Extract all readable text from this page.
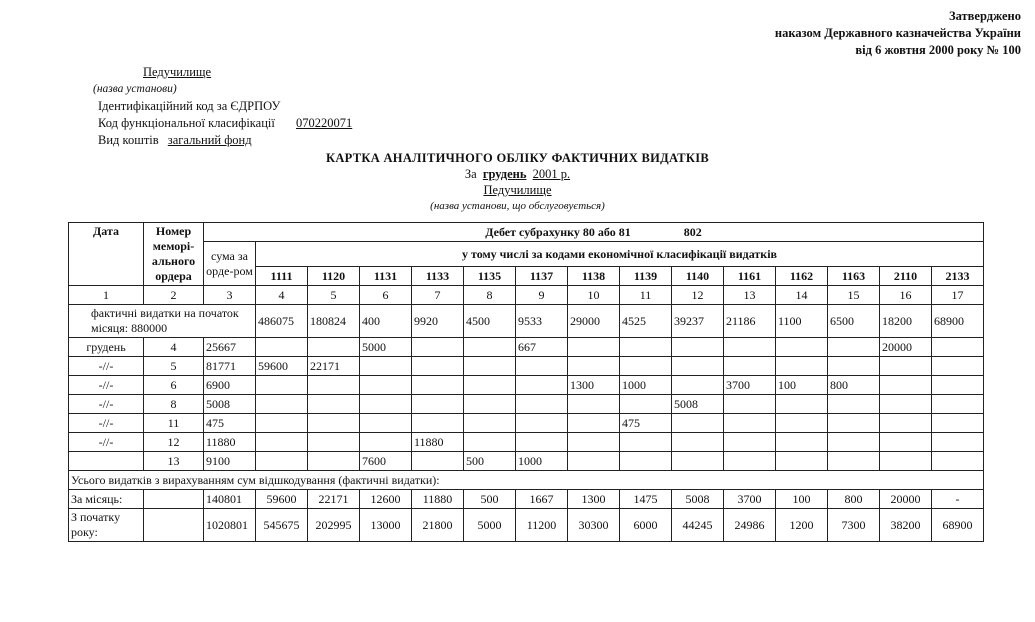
Затверджено
наказом Державного казначейства України
від 6 жовтня 2000 року № 100
Педучилище
(назва установи)
Ідентифікаційний код за ЄДРПОУ
Код функціональної класифікації 070220071
Вид коштів загальний фонд
КАРТКА АНАЛІТИЧНОГО ОБЛІКУ ФАКТИЧНИХ ВИДАТКІВ
За грудень 2001 р.
Педучилище
(назва установи, що обслуговується)
Дата	Номер меморі-ального ордера	Дебет субрахунку 80 або 81 802														
		сума за орде-ром	у тому числі за кодами економічної класифікації видатків													
			1111	1120	1131	1133	1135	1137	1138	1139	1140	1161	1162	1163	2110	2133
1	2	3	4	5	6	7	8	9	10	11	12	13	14	15	16	17
фактичні видатки на початок місяця: 880000			486075	180824	400	9920	4500	9533	29000	4525	39237	21186	1100	6500	18200	68900
грудень	4	25667			5000			667							20000	
-//-	5	81771	59600	22171												
-//-	6	6900							1300	1000		3700	100	800		
-//-	8	5008									5008					
-//-	11	475								475						
-//-	12	11880				11880										
	13	9100			7600		500	1000								
Усього видатків з вирахуванням сум відшкодування (фактичні видатки):																
За місяць:		140801	59600	22171	12600	11880	500	1667	1300	1475	5008	3700	100	800	20000	-
З початку року:		1020801	545675	202995	13000	21800	5000	11200	30300	6000	44245	24986	1200	7300	38200	68900
